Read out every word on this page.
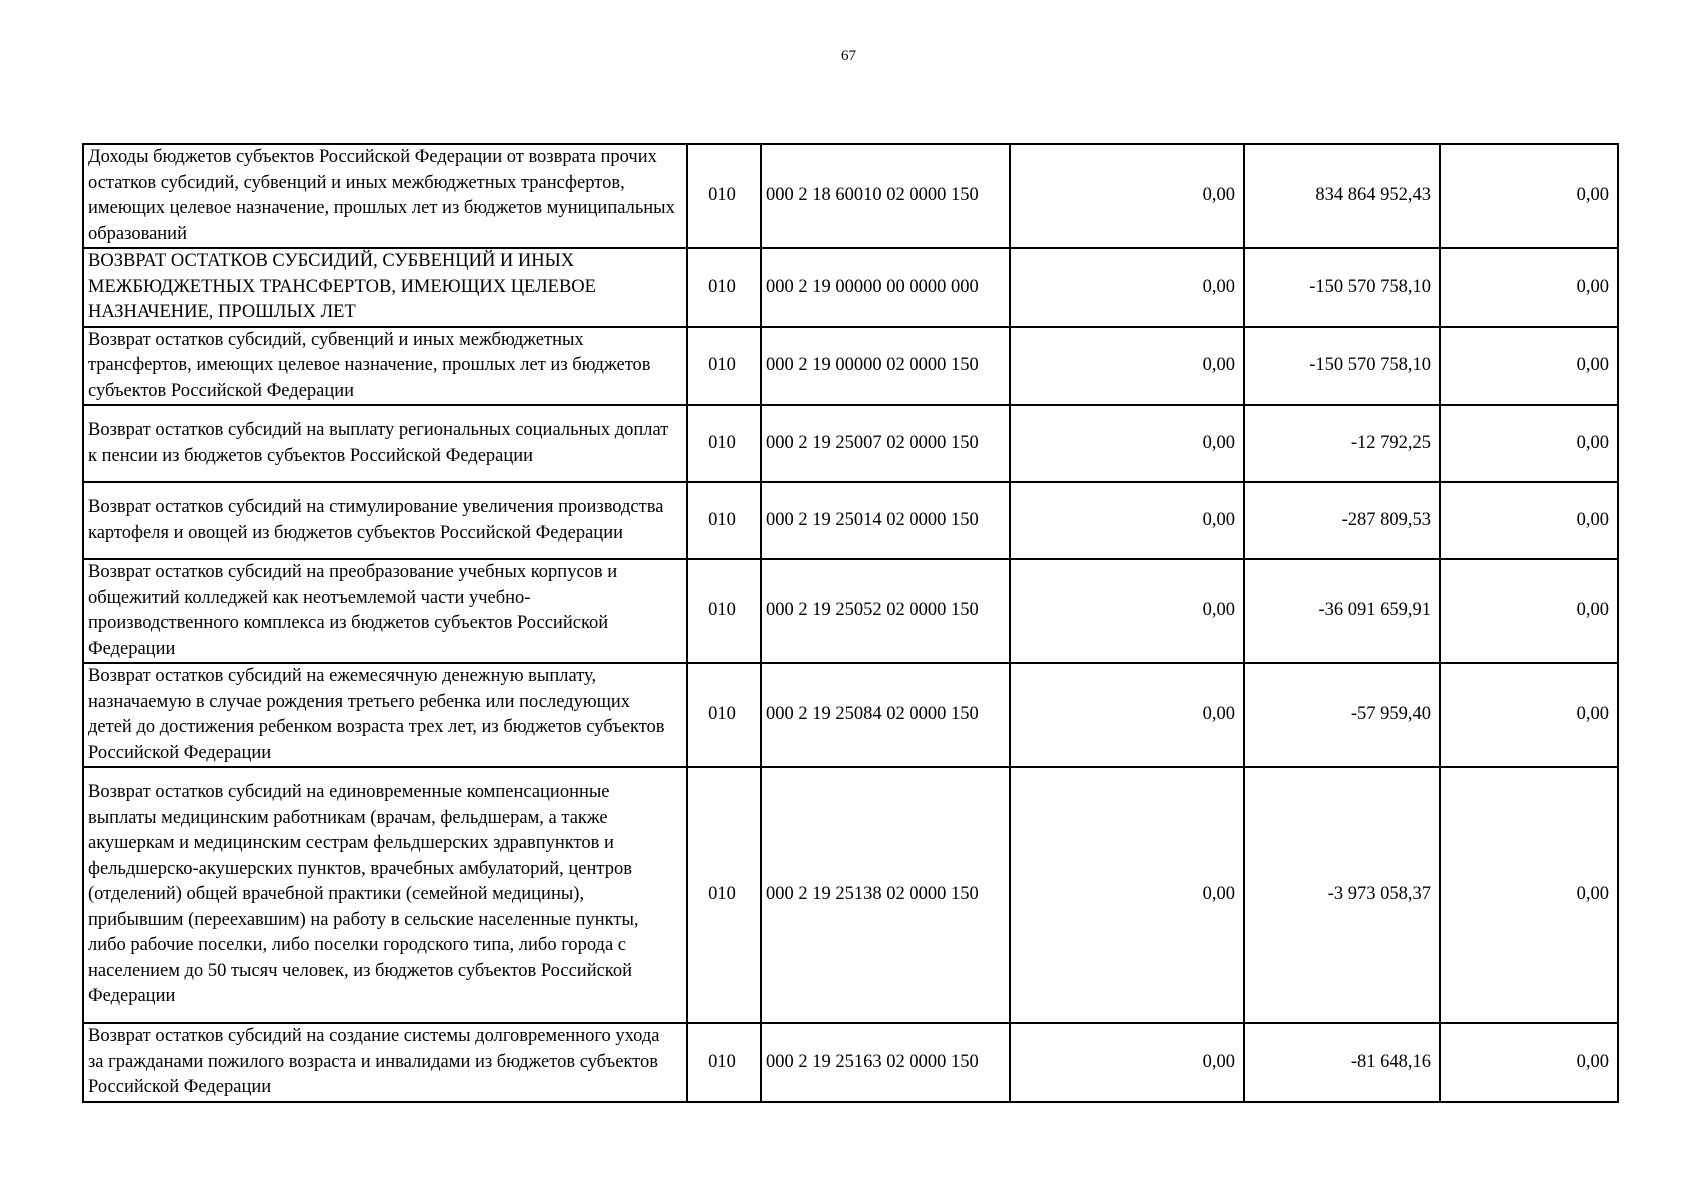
67
Доходы бюджетов субъектов Российской Федерации от возврата прочих остатков субсидий, субвенций и иных межбюджетных трансфертов, имеющих целевое назначение, прошлых лет из бюджетов муниципальных образований	010	000 2 18 60010 02 0000 150	0,00	834 864 952,43	0,00
ВОЗВРАТ ОСТАТКОВ СУБСИДИЙ, СУБВЕНЦИЙ И ИНЫХ МЕЖБЮДЖЕТНЫХ ТРАНСФЕРТОВ, ИМЕЮЩИХ ЦЕЛЕВОЕ НАЗНАЧЕНИЕ, ПРОШЛЫХ ЛЕТ	010	000 2 19 00000 00 0000 000	0,00	-150 570 758,10	0,00
Возврат остатков субсидий, субвенций и иных межбюджетных трансфертов, имеющих целевое назначение, прошлых лет из бюджетов субъектов Российской Федерации	010	000 2 19 00000 02 0000 150	0,00	-150 570 758,10	0,00
Возврат остатков субсидий на выплату региональных социальных доплат к пенсии из бюджетов субъектов Российской Федерации	010	000 2 19 25007 02 0000 150	0,00	-12 792,25	0,00
Возврат остатков субсидий на стимулирование увеличения производства картофеля и овощей из бюджетов субъектов Российской Федерации	010	000 2 19 25014 02 0000 150	0,00	-287 809,53	0,00
Возврат остатков субсидий на преобразование учебных корпусов и общежитий колледжей как неотъемлемой части учебно-производственного комплекса из бюджетов субъектов Российской Федерации	010	000 2 19 25052 02 0000 150	0,00	-36 091 659,91	0,00
Возврат остатков субсидий на ежемесячную денежную выплату, назначаемую в случае рождения третьего ребенка или последующих детей до достижения ребенком возраста трех лет, из бюджетов субъектов Российской Федерации	010	000 2 19 25084 02 0000 150	0,00	-57 959,40	0,00
Возврат остатков субсидий на единовременные компенсационные выплаты медицинским работникам (врачам, фельдшерам, а также акушеркам и медицинским сестрам фельдшерских здравпунктов и фельдшерско-акушерских пунктов, врачебных амбулаторий, центров (отделений) общей врачебной практики (семейной медицины), прибывшим (переехавшим) на работу в сельские населенные пункты, либо рабочие поселки, либо поселки городского типа, либо города с населением до 50 тысяч человек, из бюджетов субъектов Российской Федерации	010	000 2 19 25138 02 0000 150	0,00	-3 973 058,37	0,00
Возврат остатков субсидий на создание системы долговременного ухода за гражданами пожилого возраста и инвалидами из бюджетов субъектов Российской Федерации	010	000 2 19 25163 02 0000 150	0,00	-81 648,16	0,00
